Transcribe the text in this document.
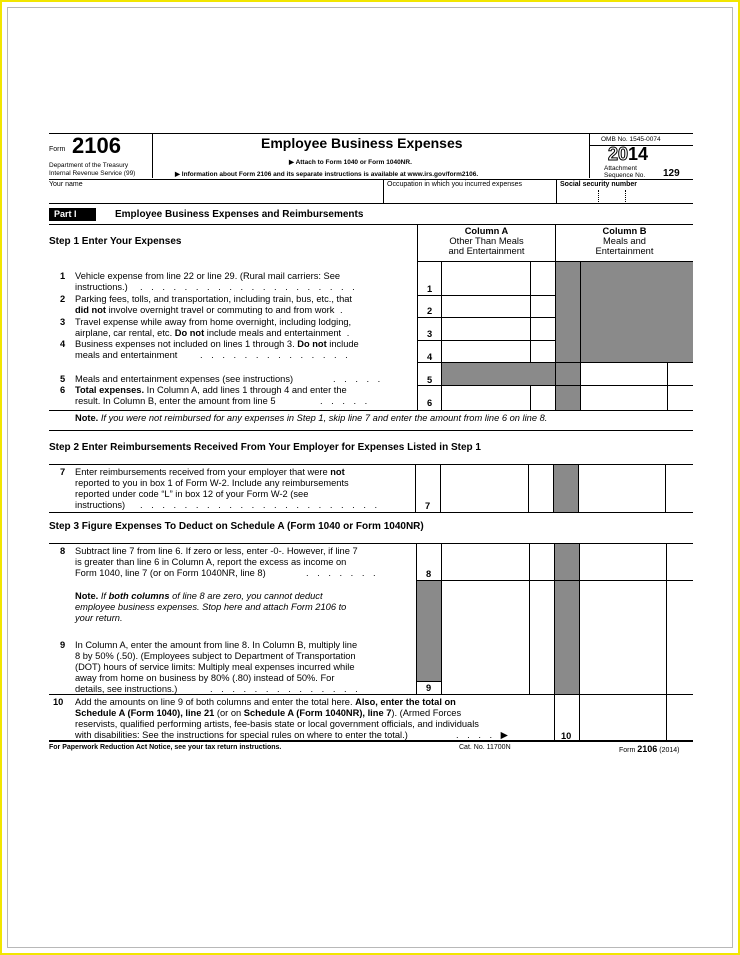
Form 2106
Department of the Treasury
Internal Revenue Service (99)
Employee Business Expenses
▶ Attach to Form 1040 or Form 1040NR.
▶ Information about Form 2106 and its separate instructions is available at www.irs.gov/form2106.
OMB No. 1545-0074
2014
Attachment
Sequence No. 129
Your name	Occupation in which you incurred expenses	Social security number
Part I	Employee Business Expenses and Reimbursements
Step 1 Enter Your Expenses
Column A
Other Than Meals
and Entertainment
Column B
Meals and
Entertainment
1 Vehicle expense from line 22 or line 29. (Rural mail carriers: See
instructions.) . . . . . . . . . . . . . . . . . . . .	1
2 Parking fees, tolls, and transportation, including train, bus, etc., that
did not involve overnight travel or commuting to and from work .	2
3 Travel expense while away from home overnight, including lodging,
airplane, car rental, etc. Do not include meals and entertainment .	3
4 Business expenses not included on lines 1 through 3. Do not include
meals and entertainment . . . . . . . . . . . . . .	4
5 Meals and entertainment expenses (see instructions)	. . . . .	5
6 Total expenses. In Column A, add lines 1 through 4 and enter the
result. In Column B, enter the amount from line 5	. . . . .	6
Note. If you were not reimbursed for any expenses in Step 1, skip line 7 and enter the amount from line 6 on line 8.
Step 2 Enter Reimbursements Received From Your Employer for Expenses Listed in Step 1
7 Enter reimbursements received from your employer that were not
reported to you in box 1 of Form W-2. Include any reimbursements
reported under code “L” in box 12 of your Form W-2 (see
instructions) . . . . . . . . . . . . . . . . . . . . . .	7
Step 3 Figure Expenses To Deduct on Schedule A (Form 1040 or Form 1040NR)
8 Subtract line 7 from line 6. If zero or less, enter -0-. However, if line 7
is greater than line 6 in Column A, report the excess as income on
Form 1040, line 7 (or on Form 1040NR, line 8)	. . . . . . .	8
Note. If both columns of line 8 are zero, you cannot deduct
employee business expenses. Stop here and attach Form 2106 to
your return.
9 In Column A, enter the amount from line 8. In Column B, multiply line
8 by 50% (.50). (Employees subject to Department of Transportation
(DOT) hours of service limits: Multiply meal expenses incurred while
away from home on business by 80% (.80) instead of 50%. For
details, see instructions.)	. . . . . . . . . . . . . .	9
10 Add the amounts on line 9 of both columns and enter the total here. Also, enter the total on
Schedule A (Form 1040), line 21 (or on Schedule A (Form 1040NR), line 7). (Armed Forces
reservists, qualified performing artists, fee-basis state or local government officials, and individuals
with disabilities: See the instructions for special rules on where to enter the total.)	. . . . ▶	10
For Paperwork Reduction Act Notice, see your tax return instructions.	Cat. No. 11700N	Form 2106 (2014)
